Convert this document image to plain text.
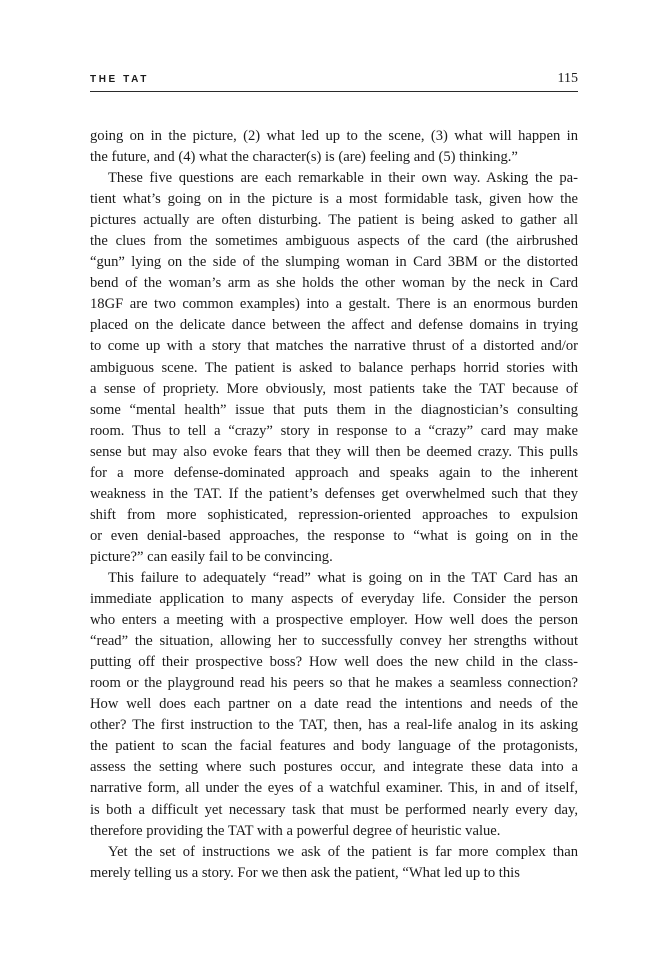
THE TAT	115
going on in the picture, (2) what led up to the scene, (3) what will happen in
the future, and (4) what the character(s) is (are) feeling and (5) thinking.”
These five questions are each remarkable in their own way. Asking the pa-
tient what’s going on in the picture is a most formidable task, given how the
pictures actually are often disturbing. The patient is being asked to gather all
the clues from the sometimes ambiguous aspects of the card (the airbrushed
“gun” lying on the side of the slumping woman in Card 3BM or the distorted
bend of the woman’s arm as she holds the other woman by the neck in Card
18GF are two common examples) into a gestalt. There is an enormous burden
placed on the delicate dance between the affect and defense domains in trying
to come up with a story that matches the narrative thrust of a distorted and/or
ambiguous scene. The patient is asked to balance perhaps horrid stories with
a sense of propriety. More obviously, most patients take the TAT because of
some “mental health” issue that puts them in the diagnostician’s consulting
room. Thus to tell a “crazy” story in response to a “crazy” card may make
sense but may also evoke fears that they will then be deemed crazy. This pulls
for a more defense-dominated approach and speaks again to the inherent
weakness in the TAT. If the patient’s defenses get overwhelmed such that they
shift from more sophisticated, repression-oriented approaches to expulsion
or even denial-based approaches, the response to “what is going on in the
picture?” can easily fail to be convincing.
This failure to adequately “read” what is going on in the TAT Card has an
immediate application to many aspects of everyday life. Consider the person
who enters a meeting with a prospective employer. How well does the person
“read” the situation, allowing her to successfully convey her strengths without
putting off their prospective boss? How well does the new child in the class-
room or the playground read his peers so that he makes a seamless connection?
How well does each partner on a date read the intentions and needs of the
other? The first instruction to the TAT, then, has a real-life analog in its asking
the patient to scan the facial features and body language of the protagonists,
assess the setting where such postures occur, and integrate these data into a
narrative form, all under the eyes of a watchful examiner. This, in and of itself,
is both a difficult yet necessary task that must be performed nearly every day,
therefore providing the TAT with a powerful degree of heuristic value.
Yet the set of instructions we ask of the patient is far more complex than
merely telling us a story. For we then ask the patient, “What led up to this
